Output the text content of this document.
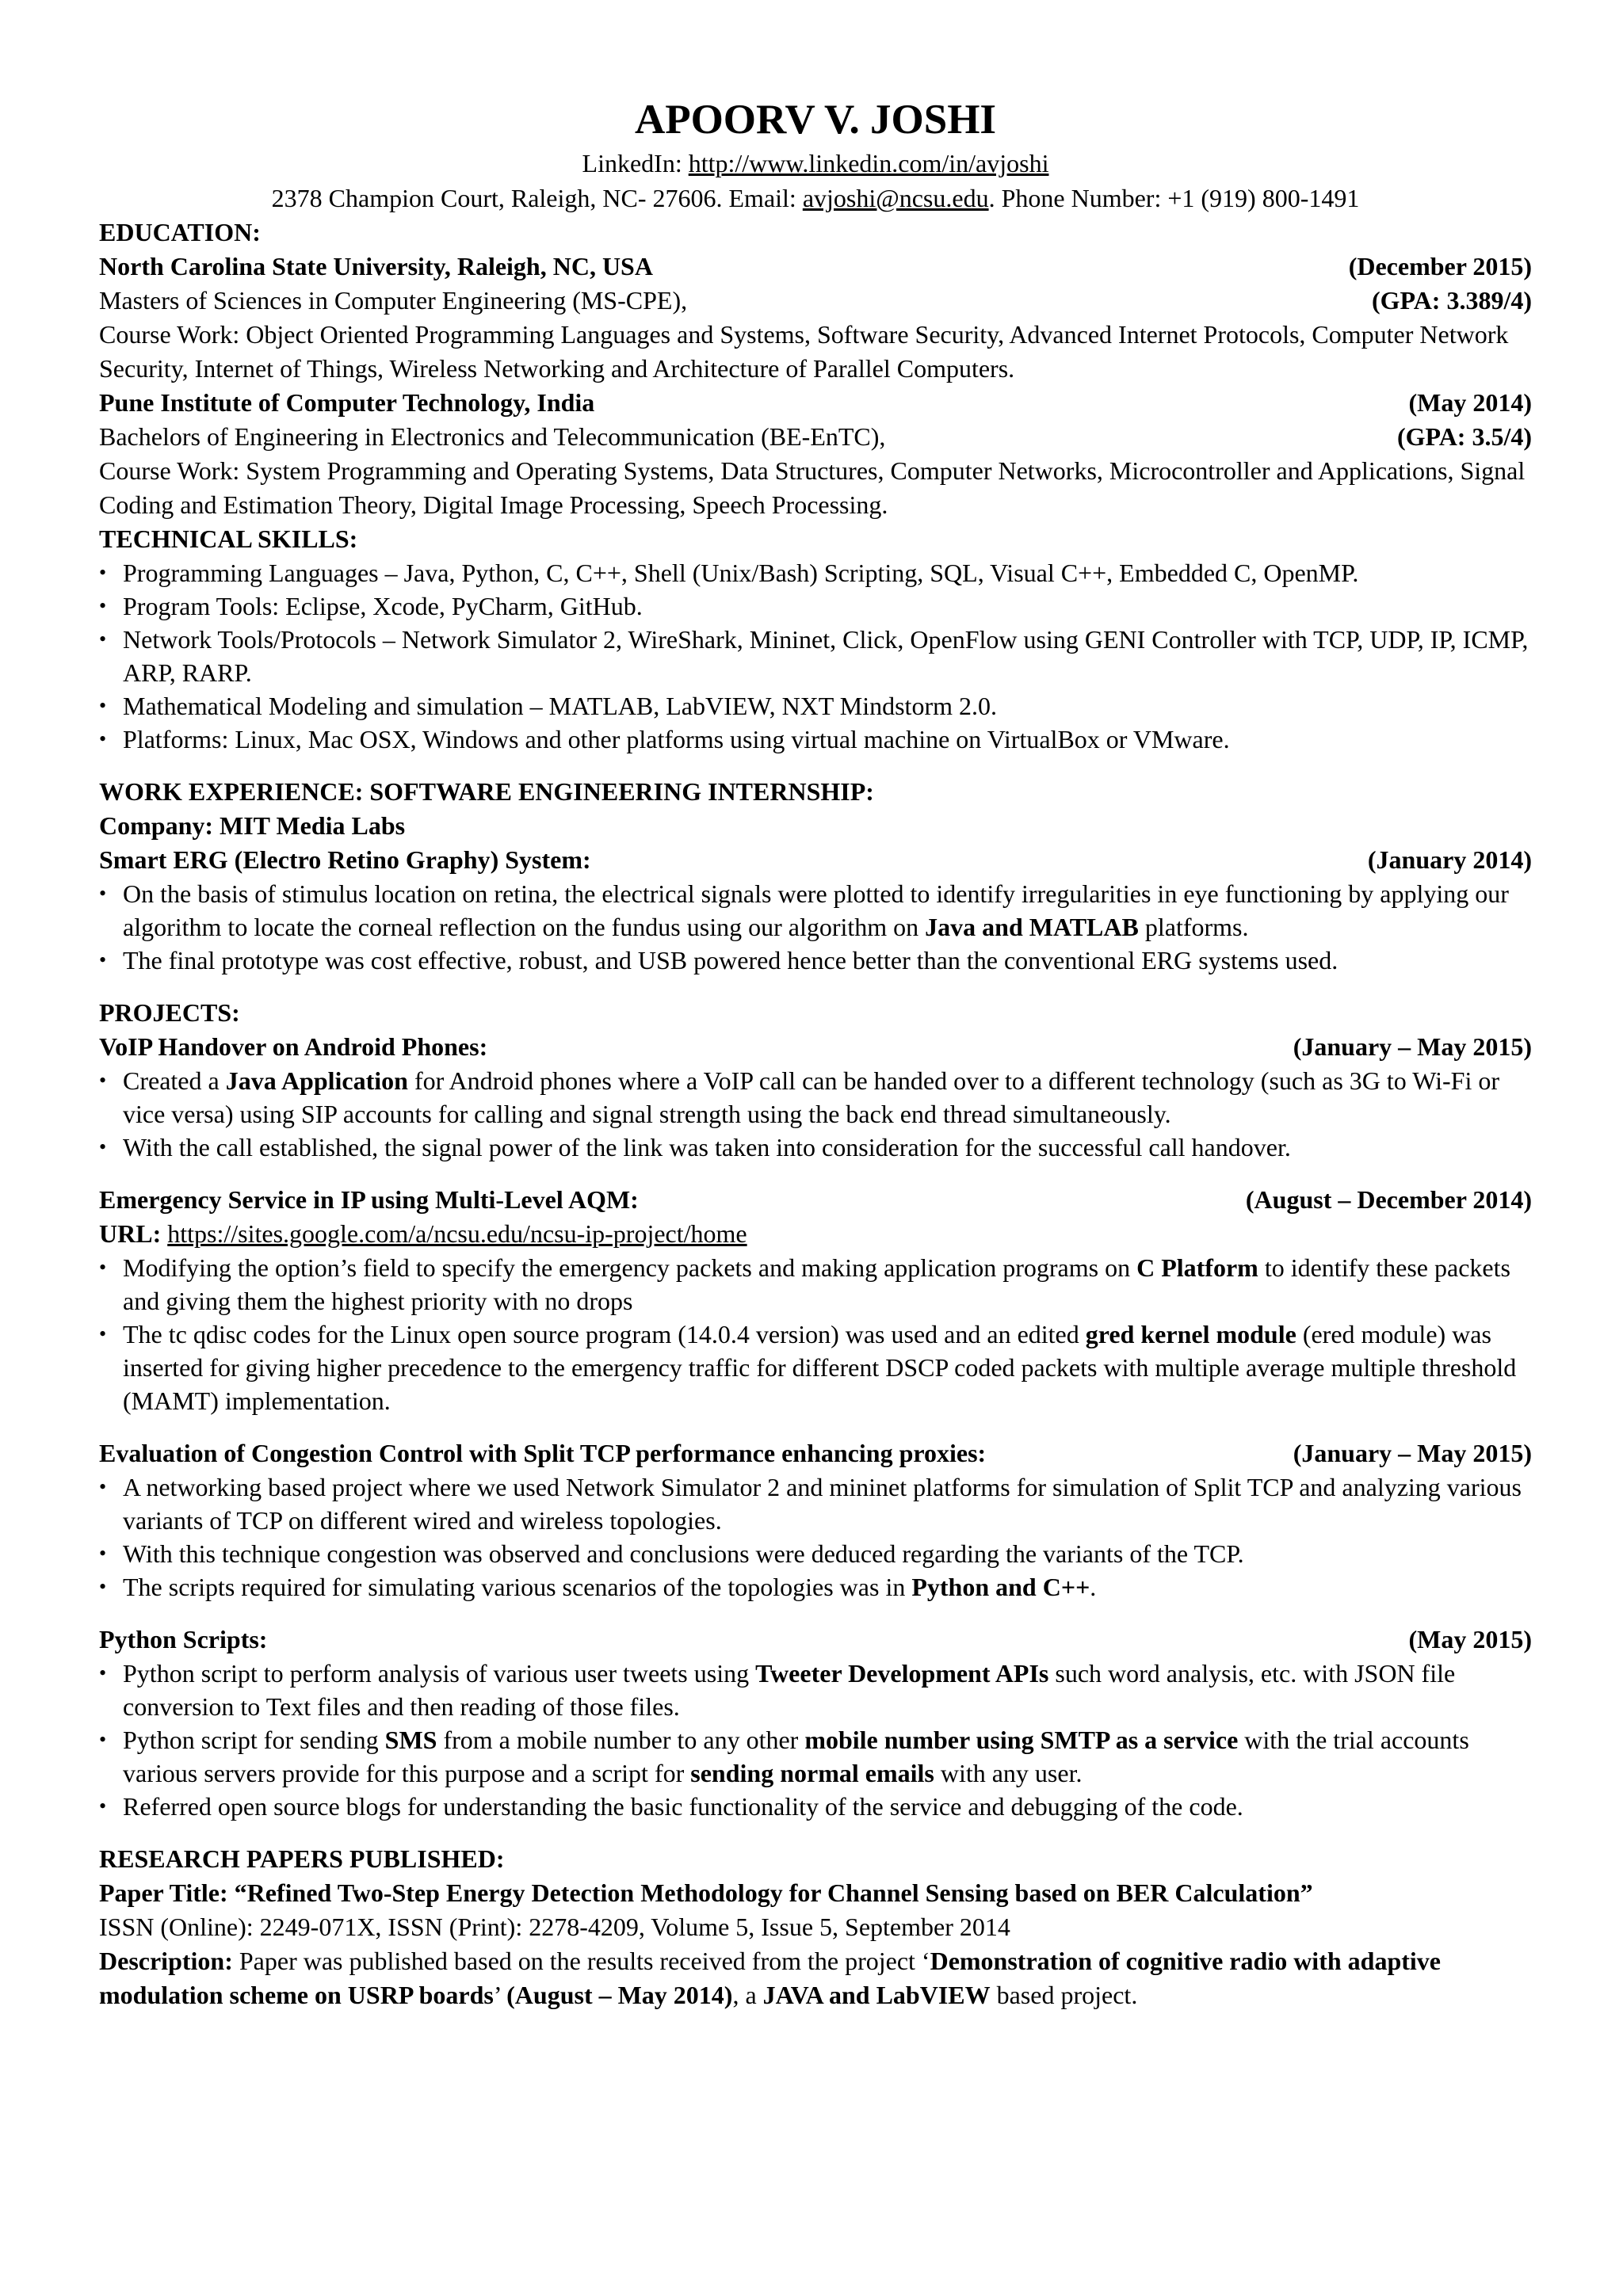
APOORV V. JOSHI
LinkedIn: http://www.linkedin.com/in/avjoshi
2378 Champion Court, Raleigh, NC- 27606. Email: avjoshi@ncsu.edu. Phone Number: +1 (919) 800-1491
EDUCATION:
North Carolina State University, Raleigh, NC, USA	(December 2015)
Masters of Sciences in Computer Engineering (MS-CPE),	(GPA: 3.389/4)
Course Work: Object Oriented Programming Languages and Systems, Software Security, Advanced Internet Protocols, Computer Network Security, Internet of Things, Wireless Networking and Architecture of Parallel Computers.
Pune Institute of Computer Technology, India	(May 2014)
Bachelors of Engineering in Electronics and Telecommunication (BE-EnTC),	(GPA: 3.5/4)
Course Work: System Programming and Operating Systems, Data Structures, Computer Networks, Microcontroller and Applications, Signal Coding and Estimation Theory, Digital Image Processing, Speech Processing.
TECHNICAL SKILLS:
• Programming Languages – Java, Python, C, C++, Shell (Unix/Bash) Scripting, SQL, Visual C++, Embedded C, OpenMP.
• Program Tools: Eclipse, Xcode, PyCharm, GitHub.
• Network Tools/Protocols – Network Simulator 2, WireShark, Mininet, Click, OpenFlow using GENI Controller with TCP, UDP, IP, ICMP, ARP, RARP.
• Mathematical Modeling and simulation – MATLAB, LabVIEW, NXT Mindstorm 2.0.
• Platforms: Linux, Mac OSX, Windows and other platforms using virtual machine on VirtualBox or VMware.
WORK EXPERIENCE: SOFTWARE ENGINEERING INTERNSHIP:
Company: MIT Media Labs
Smart ERG (Electro Retino Graphy) System:	(January 2014)
• On the basis of stimulus location on retina, the electrical signals were plotted to identify irregularities in eye functioning by applying our algorithm to locate the corneal reflection on the fundus using our algorithm on Java and MATLAB platforms.
• The final prototype was cost effective, robust, and USB powered hence better than the conventional ERG systems used.
PROJECTS:
VoIP Handover on Android Phones:	(January – May 2015)
• Created a Java Application for Android phones where a VoIP call can be handed over to a different technology (such as 3G to Wi-Fi or vice versa) using SIP accounts for calling and signal strength using the back end thread simultaneously.
• With the call established, the signal power of the link was taken into consideration for the successful call handover.
Emergency Service in IP using Multi-Level AQM:	(August – December 2014)
URL: https://sites.google.com/a/ncsu.edu/ncsu-ip-project/home
• Modifying the option’s field to specify the emergency packets and making application programs on C Platform to identify these packets and giving them the highest priority with no drops
• The tc qdisc codes for the Linux open source program (14.0.4 version) was used and an edited gred kernel module (ered module) was inserted for giving higher precedence to the emergency traffic for different DSCP coded packets with multiple average multiple threshold (MAMT) implementation.
Evaluation of Congestion Control with Split TCP performance enhancing proxies:	(January – May 2015)
• A networking based project where we used Network Simulator 2 and mininet platforms for simulation of Split TCP and analyzing various variants of TCP on different wired and wireless topologies.
• With this technique congestion was observed and conclusions were deduced regarding the variants of the TCP.
• The scripts required for simulating various scenarios of the topologies was in Python and C++.
Python Scripts:	(May 2015)
• Python script to perform analysis of various user tweets using Tweeter Development APIs such word analysis, etc. with JSON file conversion to Text files and then reading of those files.
• Python script for sending SMS from a mobile number to any other mobile number using SMTP as a service with the trial accounts various servers provide for this purpose and a script for sending normal emails with any user.
• Referred open source blogs for understanding the basic functionality of the service and debugging of the code.
RESEARCH PAPERS PUBLISHED:
Paper Title: “Refined Two-Step Energy Detection Methodology for Channel Sensing based on BER Calculation”
ISSN (Online): 2249-071X, ISSN (Print): 2278-4209, Volume 5, Issue 5, September 2014
Description: Paper was published based on the results received from the project ‘Demonstration of cognitive radio with adaptive modulation scheme on USRP boards’ (August – May 2014), a JAVA and LabVIEW based project.
